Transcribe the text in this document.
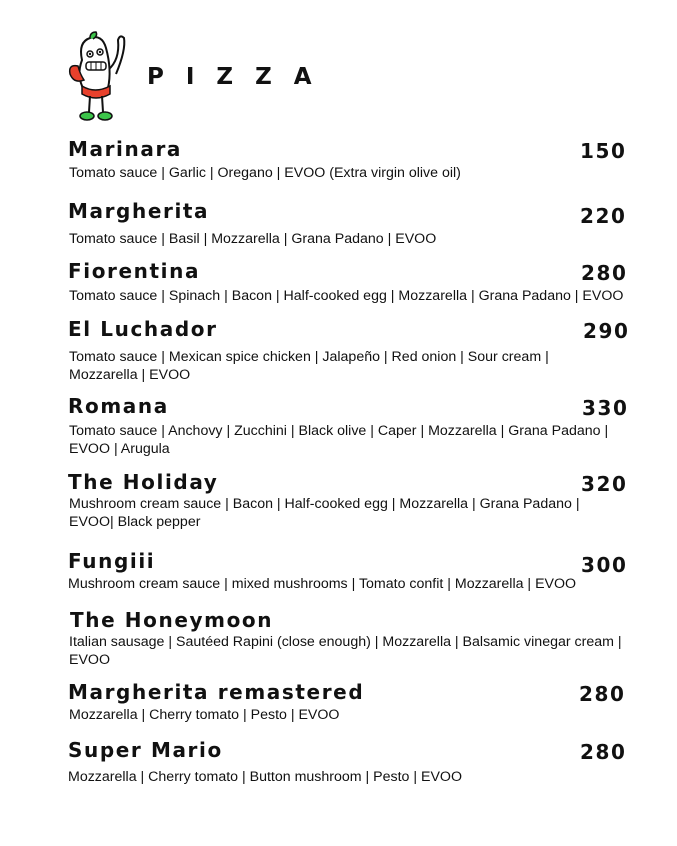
PIZZA
Marinara	150
Tomato sauce | Garlic | Oregano | EVOO (Extra virgin olive oil)
Margherita	220
Tomato sauce | Basil | Mozzarella | Grana Padano | EVOO
Fiorentina	280
Tomato sauce | Spinach | Bacon | Half-cooked egg | Mozzarella | Grana Padano | EVOO
El Luchador	290
Tomato sauce | Mexican spice chicken | Jalapeño | Red onion | Sour cream | Mozzarella | EVOO
Romana	330
Tomato sauce | Anchovy | Zucchini | Black olive | Caper | Mozzarella | Grana Padano | EVOO | Arugula
The Holiday	320
Mushroom cream sauce | Bacon | Half-cooked egg | Mozzarella | Grana Padano | EVOO| Black pepper
Fungiii	300
Mushroom cream sauce | mixed mushrooms | Tomato confit | Mozzarella | EVOO
The Honeymoon
Italian sausage | Sautéed Rapini (close enough) | Mozzarella | Balsamic vinegar cream | EVOO
Margherita remastered	280
Mozzarella | Cherry tomato | Pesto | EVOO
Super Mario	280
Mozzarella | Cherry tomato | Button mushroom | Pesto | EVOO
